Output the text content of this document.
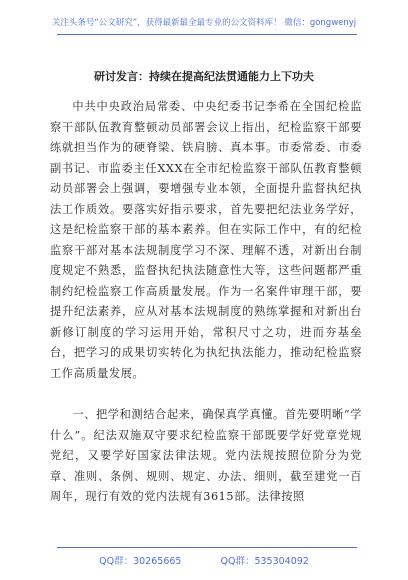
关注头条号“公文研究”，获得最新最全最专业的公文资料库！ 微信：gongwenyj
研讨发言：持续在提高纪法贯通能力上下功夫

中共中央政治局常委、中央纪委书记李希在全国纪检监察干部队伍教育整顿动员部署会议上指出，纪检监察干部要练就担当作为的硬脊梁、铁肩膀、真本事。市委常委、市委副书记、市监委主任XXX在全市纪检监察干部队伍教育整顿动员部署会上强调，要增强专业本领，全面提升监督执纪执法工作质效。要落实好指示要求，首先要把纪法业务学好，这是纪检监察干部的基本素养。但在实际工作中，有的纪检监察干部对基本法规制度学习不深、理解不透，对新出台制度规定不熟悉，监督执纪执法随意性大等，这些问题都严重制约纪检监察工作高质量发展。作为一名案件审理干部，要提升纪法素养，应从对基本法规制度的熟练掌握和对新出台新修订制度的学习运用开始，常积尺寸之功，进而夯基垒台，把学习的成果切实转化为执纪执法能力，推动纪检监察工作高质量发展。

一、把学和测结合起来，确保真学真懂。首先要明晰“学什么”。纪法双施双守要求纪检监察干部既要学好党章党规党纪，又要学好国家法律法规。党内法规按照位阶分为党章、准则、条例、规则、规定、办法、细则，截至建党一百周年，现行有效的党内法规有3615部。法律按照

QQ群：30265665	QQ群：535304092
